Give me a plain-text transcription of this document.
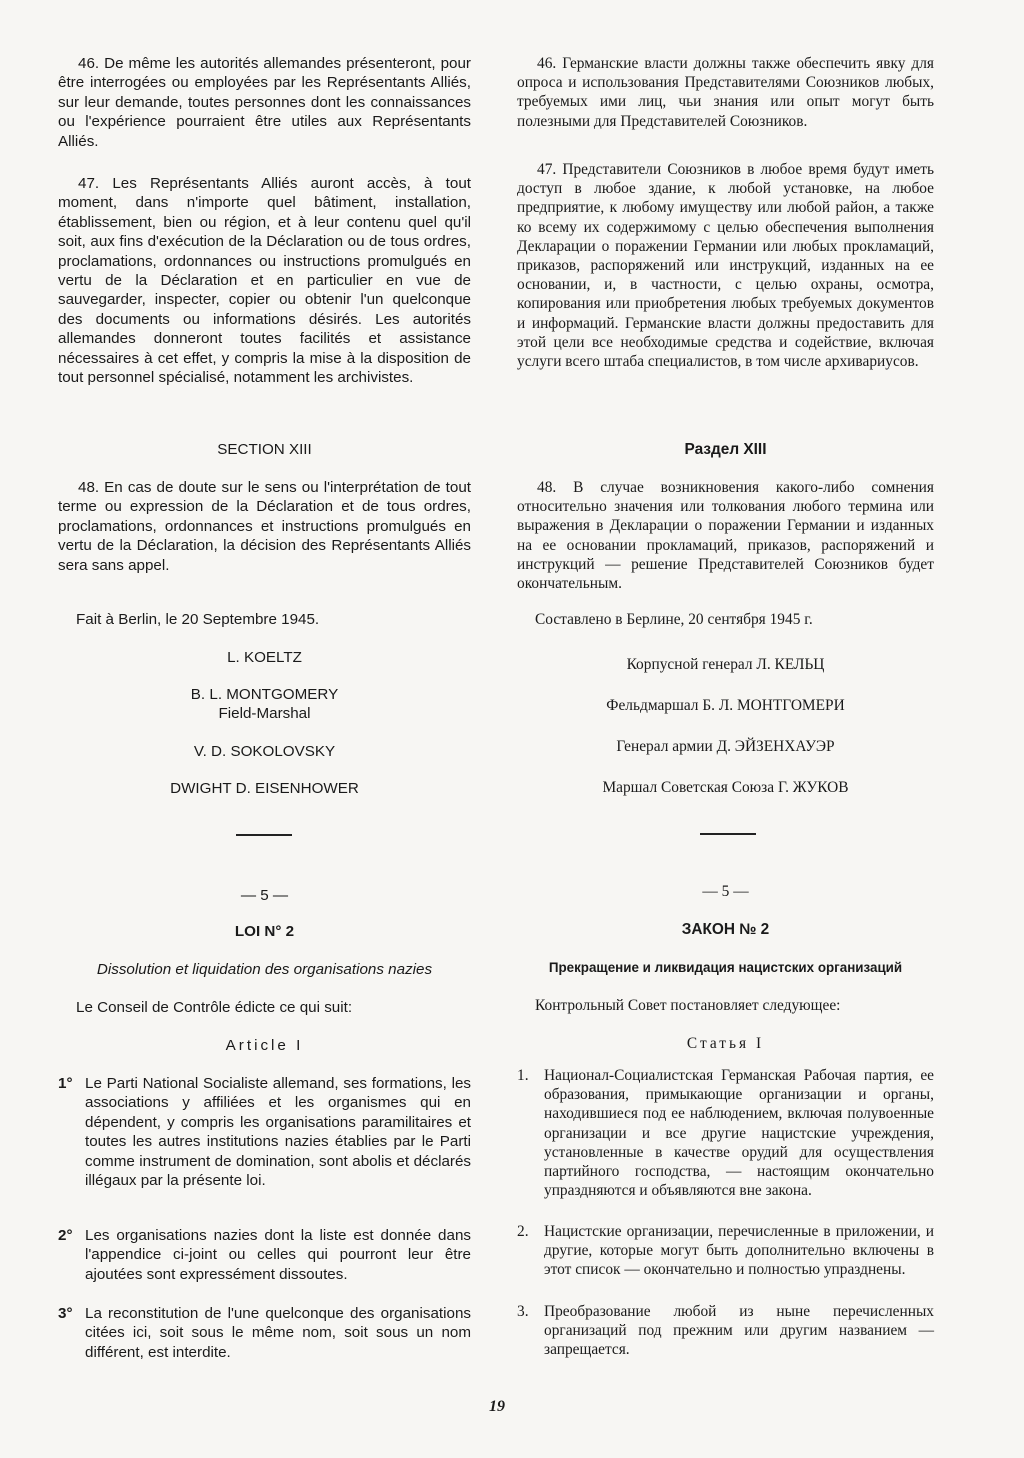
46. De même les autorités allemandes présenteront, pour être interrogées ou employées par les Représentants Alliés, sur leur demande, toutes personnes dont les connaissances ou l'expérience pourraient être utiles aux Représentants Alliés.

47. Les Représentants Alliés auront accès, à tout moment, dans n'importe quel bâtiment, installation, établissement, bien ou région, et à leur contenu quel qu'il soit, aux fins d'exécution de la Déclaration ou de tous ordres, proclamations, ordonnances ou instructions promulgués en vertu de la Déclaration et en particulier en vue de sauvegarder, inspecter, copier ou obtenir l'un quelconque des documents ou informations désirés. Les autorités allemandes donneront toutes facilités et assistance nécessaires à cet effet, y compris la mise à la disposition de tout personnel spécialisé, notamment les archivistes.

SECTION XIII

48. En cas de doute sur le sens ou l'interprétation de tout terme ou expression de la Déclaration et de tous ordres, proclamations, ordonnances et instructions promulgués en vertu de la Déclaration, la décision des Représentants Alliés sera sans appel.

Fait à Berlin, le 20 Septembre 1945.

L. KOELTZ

B. L. MONTGOMERY

Field-Marshal

V. D. SOKOLOVSKY

DWIGHT D. EISENHOWER

— 5 —

LOI N° 2

Dissolution et liquidation des organisations nazies

Le Conseil de Contrôle édicte ce qui suit:

Article I

1° Le Parti National Socialiste allemand, ses formations, les associations y affiliées et les organismes qui en dépendent, y compris les organisations paramilitaires et toutes les autres institutions nazies établies par le Parti comme instrument de domination, sont abolis et déclarés illégaux par la présente loi.
2° Les organisations nazies dont la liste est donnée dans l'appendice ci-joint ou celles qui pourront leur être ajoutées sont expressément dissoutes.
3° La reconstitution de l'une quelconque des organisations citées ici, soit sous le même nom, soit sous un nom différent, est interdite.

46. Германские власти должны также обеспечить явку для опроса и использования Представителями Союзников любых, требуемых ими лиц, чьи знания или опыт могут быть полезными для Представителей Союзников.

47. Представители Союзников в любое время будут иметь доступ в любое здание, к любой установке, на любое предприятие, к любому имуществу или любой район, а также ко всему их содержимому с целью обеспечения выполнения Декларации о поражении Германии или любых прокламаций, приказов, распоряжений или инструкций, изданных на ее основании, и, в частности, с целью охраны, осмотра, копирования или приобретения любых требуемых документов и информаций. Германские власти должны предоставить для этой цели все необходимые средства и содействие, включая услуги всего штаба специалистов, в том числе архивариусов.

Раздел XIII

48. В случае возникновения какого-либо сомнения относительно значения или толкования любого термина или выражения в Декларации о поражении Германии и изданных на ее основании прокламаций, приказов, распоряжений и инструкций — решение Представителей Союзников будет окончательным.

Составлено в Берлине, 20 сентября 1945 г.

Корпусной генерал Л. КЕЛЬЦ

Фельдмаршал Б. Л. МОНТГОМЕРИ

Генерал армии Д. ЭЙЗЕНХАУЭР

Маршал Советская Союза Г. ЖУКОВ

— 5 —

ЗАКОН № 2

Прекращение и ликвидация нацистских организаций

Контрольный Совет постановляет следующее:

Статья I

1. Национал-Социалистская Германская Рабочая партия, ее образования, примыкающие организации и органы, находившиеся под ее наблюдением, включая полувоенные организации и все другие нацистские учреждения, установленные в качестве орудий для осуществления партийного господства, — настоящим окончательно упраздняются и объявляются вне закона.
2. Нацистские организации, перечисленные в приложении, и другие, которые могут быть дополнительно включены в этот список — окончательно и полностью упразднены.
3. Преобразование любой из ныне перечисленных организаций под прежним или другим названием — запрещается.
19
